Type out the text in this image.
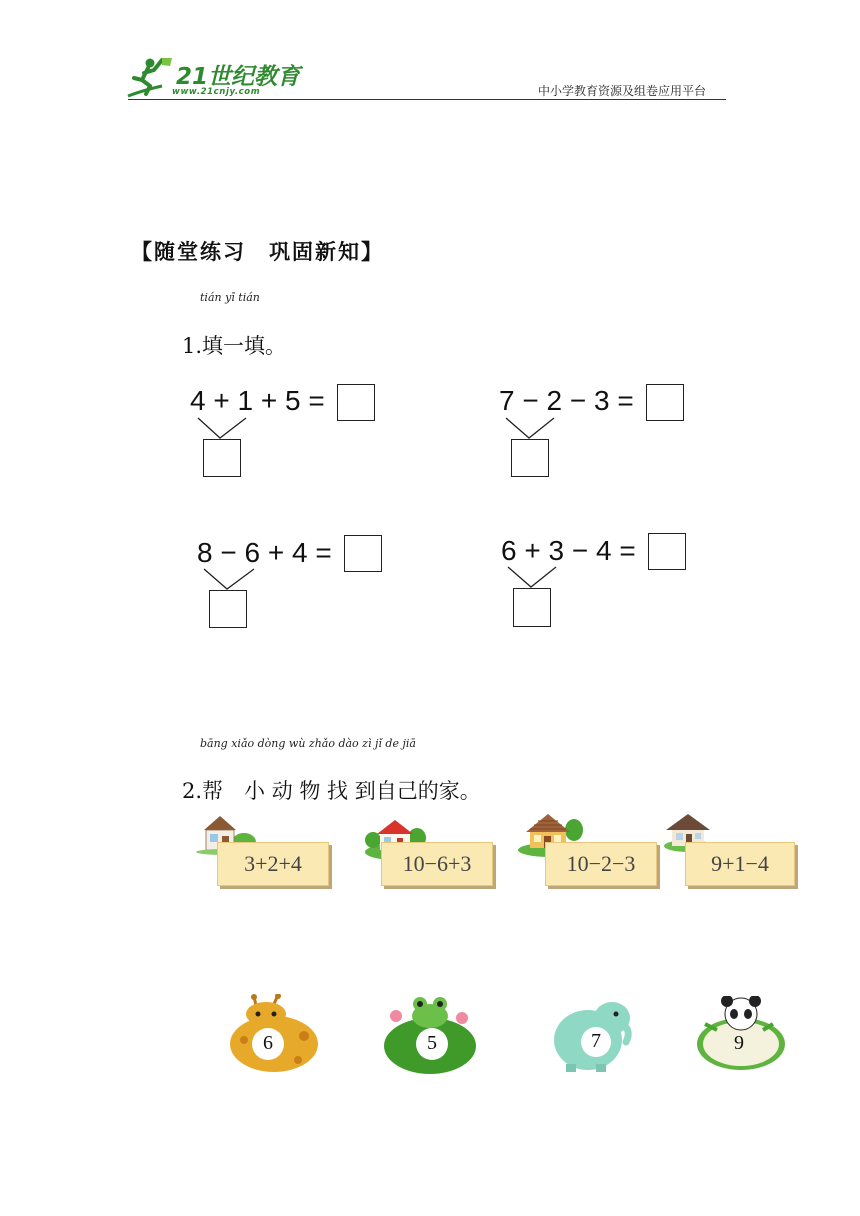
21世纪教育
www.21cnjy.com	中小学教育资源及组卷应用平台
【随堂练习　巩固新知】
tián yī tián
1.填一填。
4 + 1 + 5 =	7 − 2 − 3 =
8 − 6 + 4 =	6 + 3 − 4 =
bāng xiǎo dòng wù zhǎo dào zì jǐ de jiā
2.帮　小 动 物 找 到自己的家。
3+2+4	10−6+3	10−2−3	9+1−4
6	5	7	9
